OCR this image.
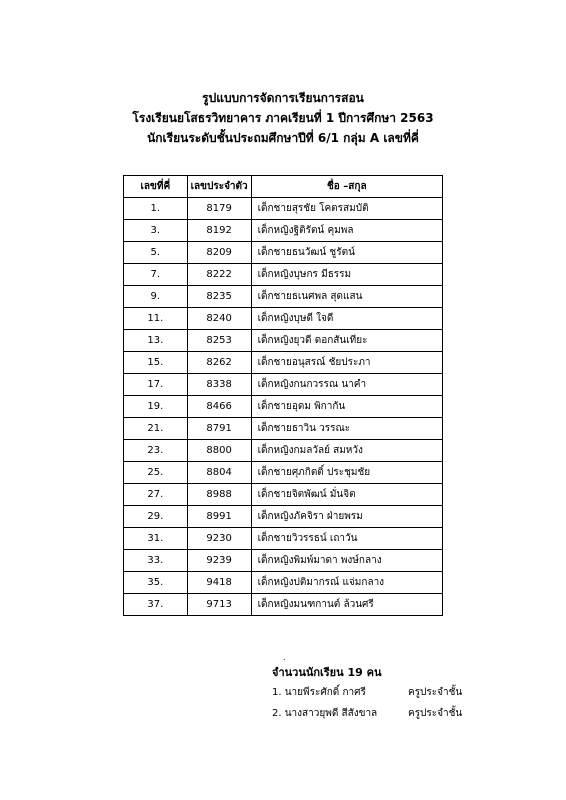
รูปแบบการจัดการเรียนการสอน
โรงเรียนยโสธรวิทยาคาร ภาคเรียนที่ 1 ปีการศึกษา 2563
นักเรียนระดับชั้นประถมศึกษาปีที่ 6/1 กลุ่ม A เลขที่คี่
เลขที่คี่	เลขประจำตัว	ชื่อ –สกุล
1.	8179	เด็กชายสุรชัย โคตรสมบัติ
3.	8192	เด็กหญิงฐิติรัตน์ คุมพล
5.	8209	เด็กชายธนวัฒน์ ชูรัตน์
7.	8222	เด็กหญิงบุษกร มีธรรม
9.	8235	เด็กชายธเนศพล สุดแสน
11.	8240	เด็กหญิงบุษดี ใจดี
13.	8253	เด็กหญิงยุวดี ดอกสันเทียะ
15.	8262	เด็กชายอนุสรณ์ ชัยประภา
17.	8338	เด็กหญิงกนกวรรณ นาคำ
19.	8466	เด็กชายอุดม พิกากัน
21.	8791	เด็กชายธาวิน วรรณะ
23.	8800	เด็กหญิงกมลวัลย์ สมหวัง
25.	8804	เด็กชายศุภกิตติ์ ประชุมชัย
27.	8988	เด็กชายจิตพัฒน์ มั่นจิต
29.	8991	เด็กหญิงภัคจิรา ฝ่ายพรม
31.	9230	เด็กชายวิวรรธน์ เถาวัน
33.	9239	เด็กหญิงพิมพ์มาดา พงษ์กลาง
35.	9418	เด็กหญิงปติมากรณ์ แจ่มกลาง
37.	9713	เด็กหญิงมนฑกานต์ ล้วนศรี
.
จำนวนนักเรียน 19 คน
1. นายพีระศักดิ์ กาศรี	ครูประจำชั้น
2. นางสาวยุพดี สีสังขาล	ครูประจำชั้น
